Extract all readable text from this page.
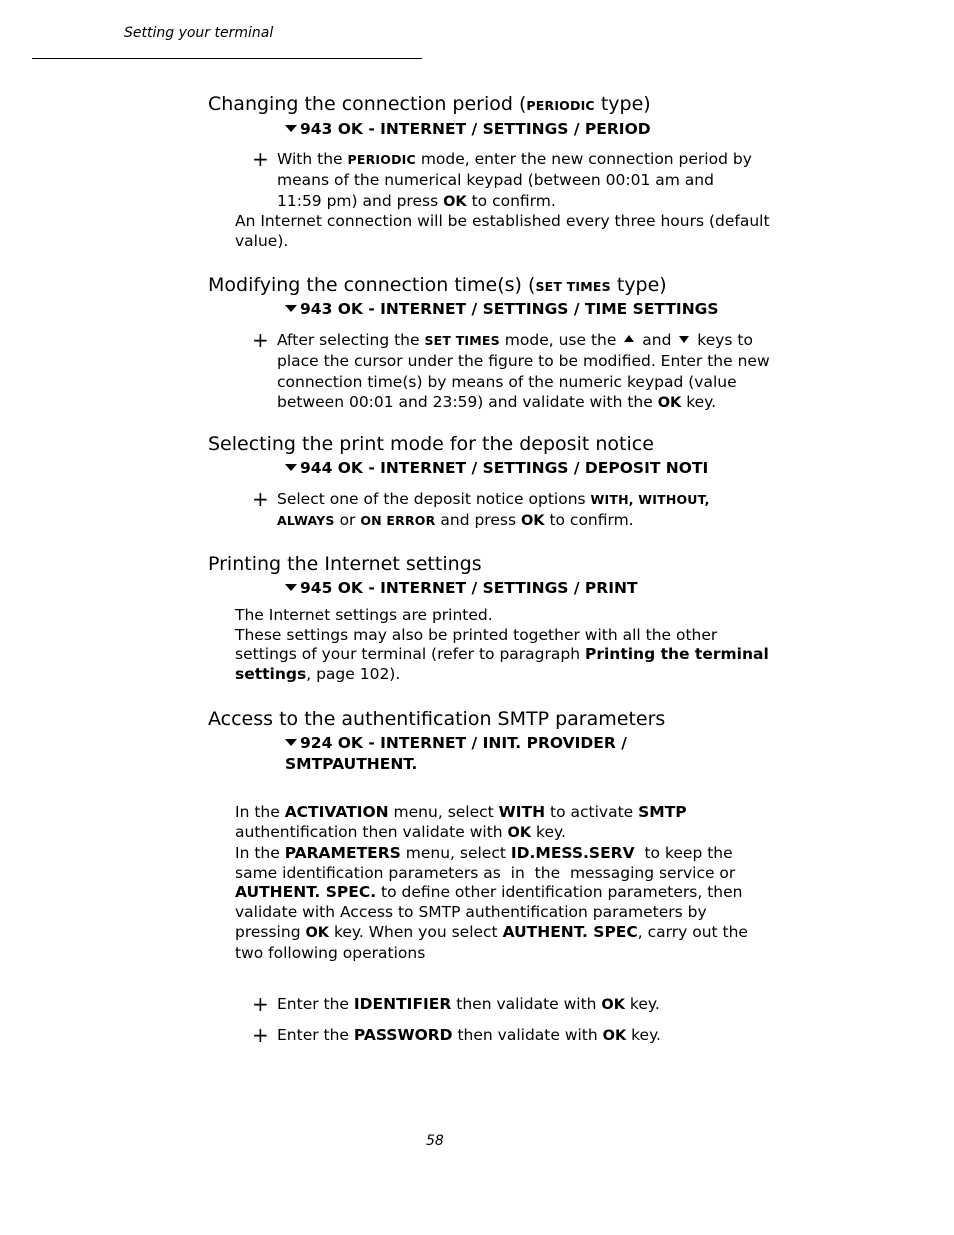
Setting your terminal
Changing the connection period (PERIODIC type)
943 OK - INTERNET / SETTINGS / PERIOD
+ With the PERIODIC mode, enter the new connection period by
means of the numerical keypad (between 00:01 am and
11:59 pm) and press OK to confirm.
An Internet connection will be established every three hours (default
value).
Modifying the connection time(s) (SET TIMES type)
943 OK - INTERNET / SETTINGS / TIME SETTINGS
+ After selecting the SET TIMES mode, use the  and  keys to
place the cursor under the figure to be modified. Enter the new
connection time(s) by means of the numeric keypad (value
between 00:01 and 23:59) and validate with the OK key.
Selecting the print mode for the deposit notice
944 OK - INTERNET / SETTINGS / DEPOSIT NOTI
+ Select one of the deposit notice options WITH, WITHOUT,
ALWAYS or ON ERROR and press OK to confirm.
Printing the Internet settings
945 OK - INTERNET / SETTINGS / PRINT
The Internet settings are printed.
These settings may also be printed together with all the other
settings of your terminal (refer to paragraph Printing the terminal
settings, page 102).
Access to the authentification SMTP parameters
924 OK - INTERNET / INIT. PROVIDER /
SMTPAUTHENT.
In the ACTIVATION menu, select WITH to activate SMTP
authentification then validate with OK key.
In the PARAMETERS menu, select ID.MESS.SERV  to keep the
same identification parameters as  in  the  messaging service or
AUTHENT. SPEC. to define other identification parameters, then
validate with Access to SMTP authentification parameters by
pressing OK key. When you select AUTHENT. SPEC, carry out the
two following operations
+ Enter the IDENTIFIER then validate with OK key.
+ Enter the PASSWORD then validate with OK key.
58
